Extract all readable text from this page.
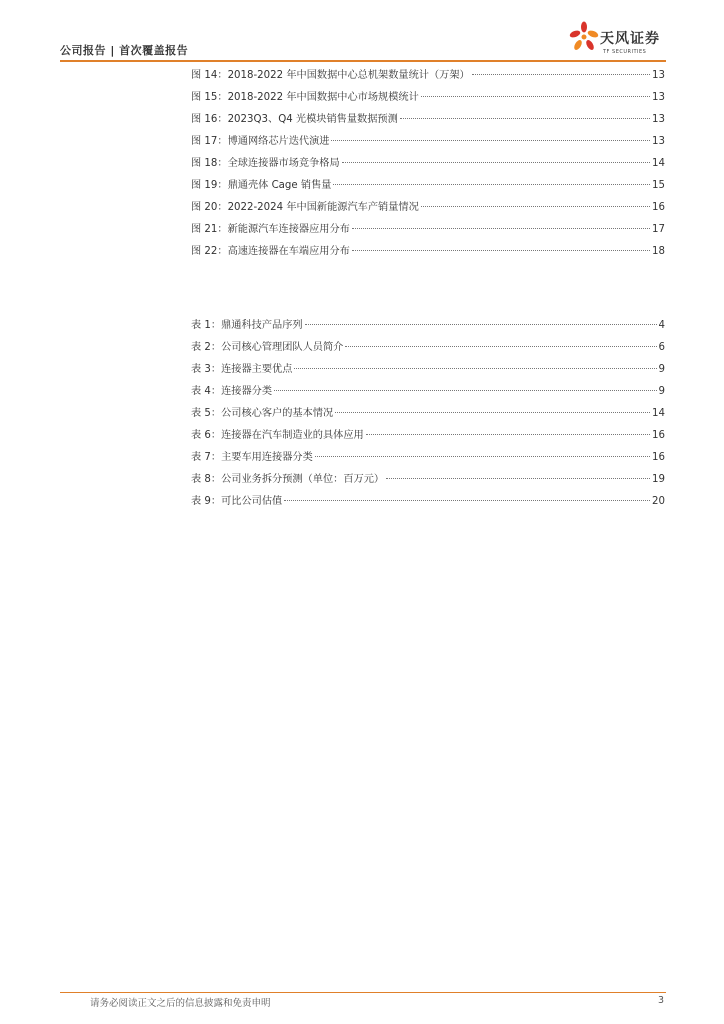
公司报告 | 首次覆盖报告
天风证券
TF SECURITIES
图 14：2018-2022 年中国数据中心总机架数量统计（万架）	13
图 15：2018-2022 年中国数据中心市场规模统计	13
图 16：2023Q3、Q4 光模块销售量数据预测	13
图 17：博通网络芯片迭代演进	13
图 18：全球连接器市场竞争格局	14
图 19：鼎通壳体 Cage 销售量	15
图 20：2022-2024 年中国新能源汽车产销量情况	16
图 21：新能源汽车连接器应用分布	17
图 22：高速连接器在车端应用分布	18
表 1：鼎通科技产品序列	4
表 2：公司核心管理团队人员简介	6
表 3：连接器主要优点	9
表 4：连接器分类	9
表 5：公司核心客户的基本情况	14
表 6：连接器在汽车制造业的具体应用	16
表 7：主要车用连接器分类	16
表 8：公司业务拆分预测（单位：百万元）	19
表 9：可比公司估值	20
请务必阅读正文之后的信息披露和免责申明	3
